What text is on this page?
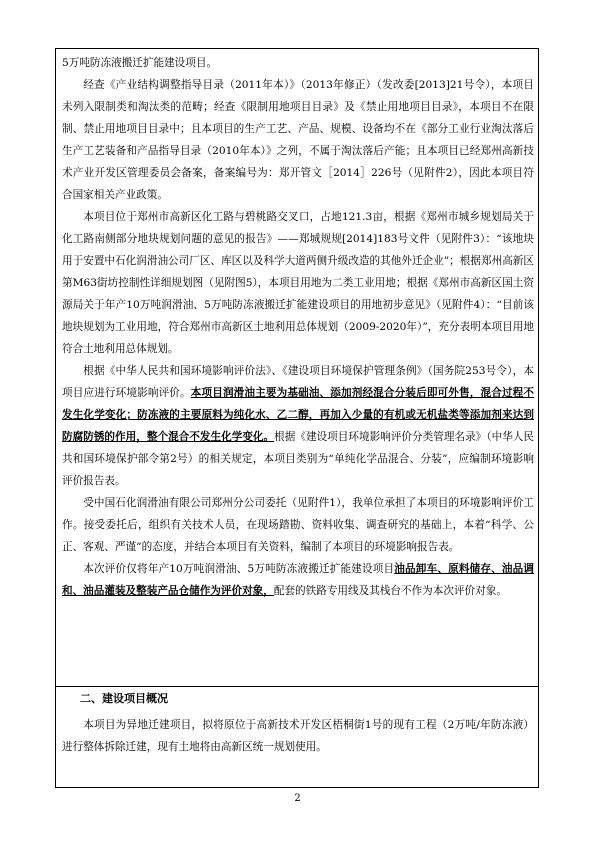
5万吨防冻液搬迁扩能建设项目。

经查《产业结构调整指导目录（2011年本）》（2013年修正）（发改委[2013]21号令），本项目未列入限制类和淘汰类的范畴；经查《限制用地项目目录》及《禁止用地项目目录》，本项目不在限制、禁止用地项目目录中；且本项目的生产工艺、产品、规模、设备均不在《部分工业行业淘汰落后生产工艺装备和产品指导目录（2010年本）》之列，不属于淘汰落后产能；且本项目已经郑州高新技术产业开发区管理委员会备案，备案编号为：郑开管文［2014］226号（见附件2），因此本项目符合国家相关产业政策。

本项目位于郑州市高新区化工路与碧桃路交叉口，占地121.3亩，根据《郑州市城乡规划局关于化工路南侧部分地块规划问题的意见的报告》——郑城规规[2014]183号文件（见附件3）：“该地块用于安置中石化润滑油公司厂区、库区以及科学大道两侧升级改造的其他外迁企业”；根据郑州高新区第M63街坊控制性详细规划图（见附图5），本项目用地为二类工业用地；根据《郑州市高新区国土资源局关于年产10万吨润滑油、5万吨防冻液搬迁扩能建设项目的用地初步意见》（见附件4）：“目前该地块规划为工业用地，符合郑州市高新区土地利用总体规划（2009-2020年）”，充分表明本项目用地符合土地利用总体规划。

根据《中华人民共和国环境影响评价法》、《建设项目环境保护管理条例》（国务院253号令），本项目应进行环境影响评价。本项目润滑油主要为基础油、添加剂经混合分装后即可外售，混合过程不发生化学变化；防冻液的主要原料为纯化水、乙二醇，再加入少量的有机或无机盐类等添加剂来达到防腐防锈的作用，整个混合不发生化学变化。根据《建设项目环境影响评价分类管理名录》（中华人民共和国环境保护部令第2号）的相关规定，本项目类别为“单纯化学品混合、分装”，应编制环境影响评价报告表。

受中国石化润滑油有限公司郑州分公司委托（见附件1），我单位承担了本项目的环境影响评价工作。接受委托后，组织有关技术人员，在现场踏勘、资料收集、调查研究的基础上，本着“科学、公正、客观、严谨”的态度，并结合本项目有关资料，编制了本项目的环境影响报告表。

本次评价仅将年产10万吨润滑油、5万吨防冻液搬迁扩能建设项目油品卸车、原料储存、油品调和、油品灌装及整装产品仓储作为评价对象，配套的铁路专用线及其栈台不作为本次评价对象。

二、建设项目概况

本项目为异地迁建项目，拟将原位于高新技术开发区梧桐街1号的现有工程（2万吨/年防冻液）进行整体拆除迁建，现有土地将由高新区统一规划使用。

2
